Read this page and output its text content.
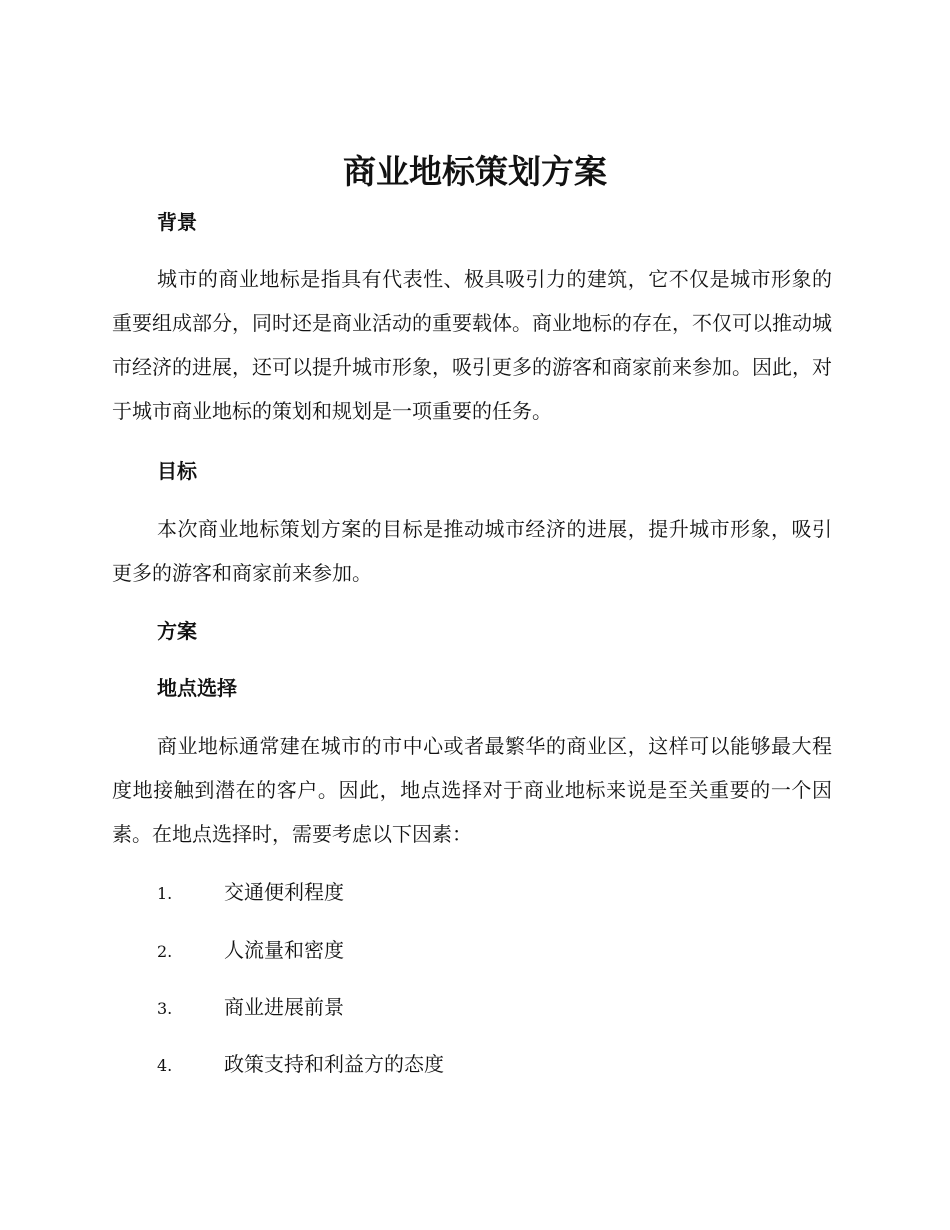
商业地标策划方案
背景

城市的商业地标是指具有代表性、极具吸引力的建筑，它不仅是城市形象的重要组成部分，同时还是商业活动的重要载体。商业地标的存在，不仅可以推动城市经济的进展，还可以提升城市形象，吸引更多的游客和商家前来参加。因此，对于城市商业地标的策划和规划是一项重要的任务。

目标

本次商业地标策划方案的目标是推动城市经济的进展，提升城市形象，吸引更多的游客和商家前来参加。

方案
地点选择

商业地标通常建在城市的市中心或者最繁华的商业区，这样可以能够最大程度地接触到潜在的客户。因此，地点选择对于商业地标来说是至关重要的一个因素。在地点选择时，需要考虑以下因素：

1.	交通便利程度
2.	人流量和密度
3.	商业进展前景
4.	政策支持和利益方的态度
